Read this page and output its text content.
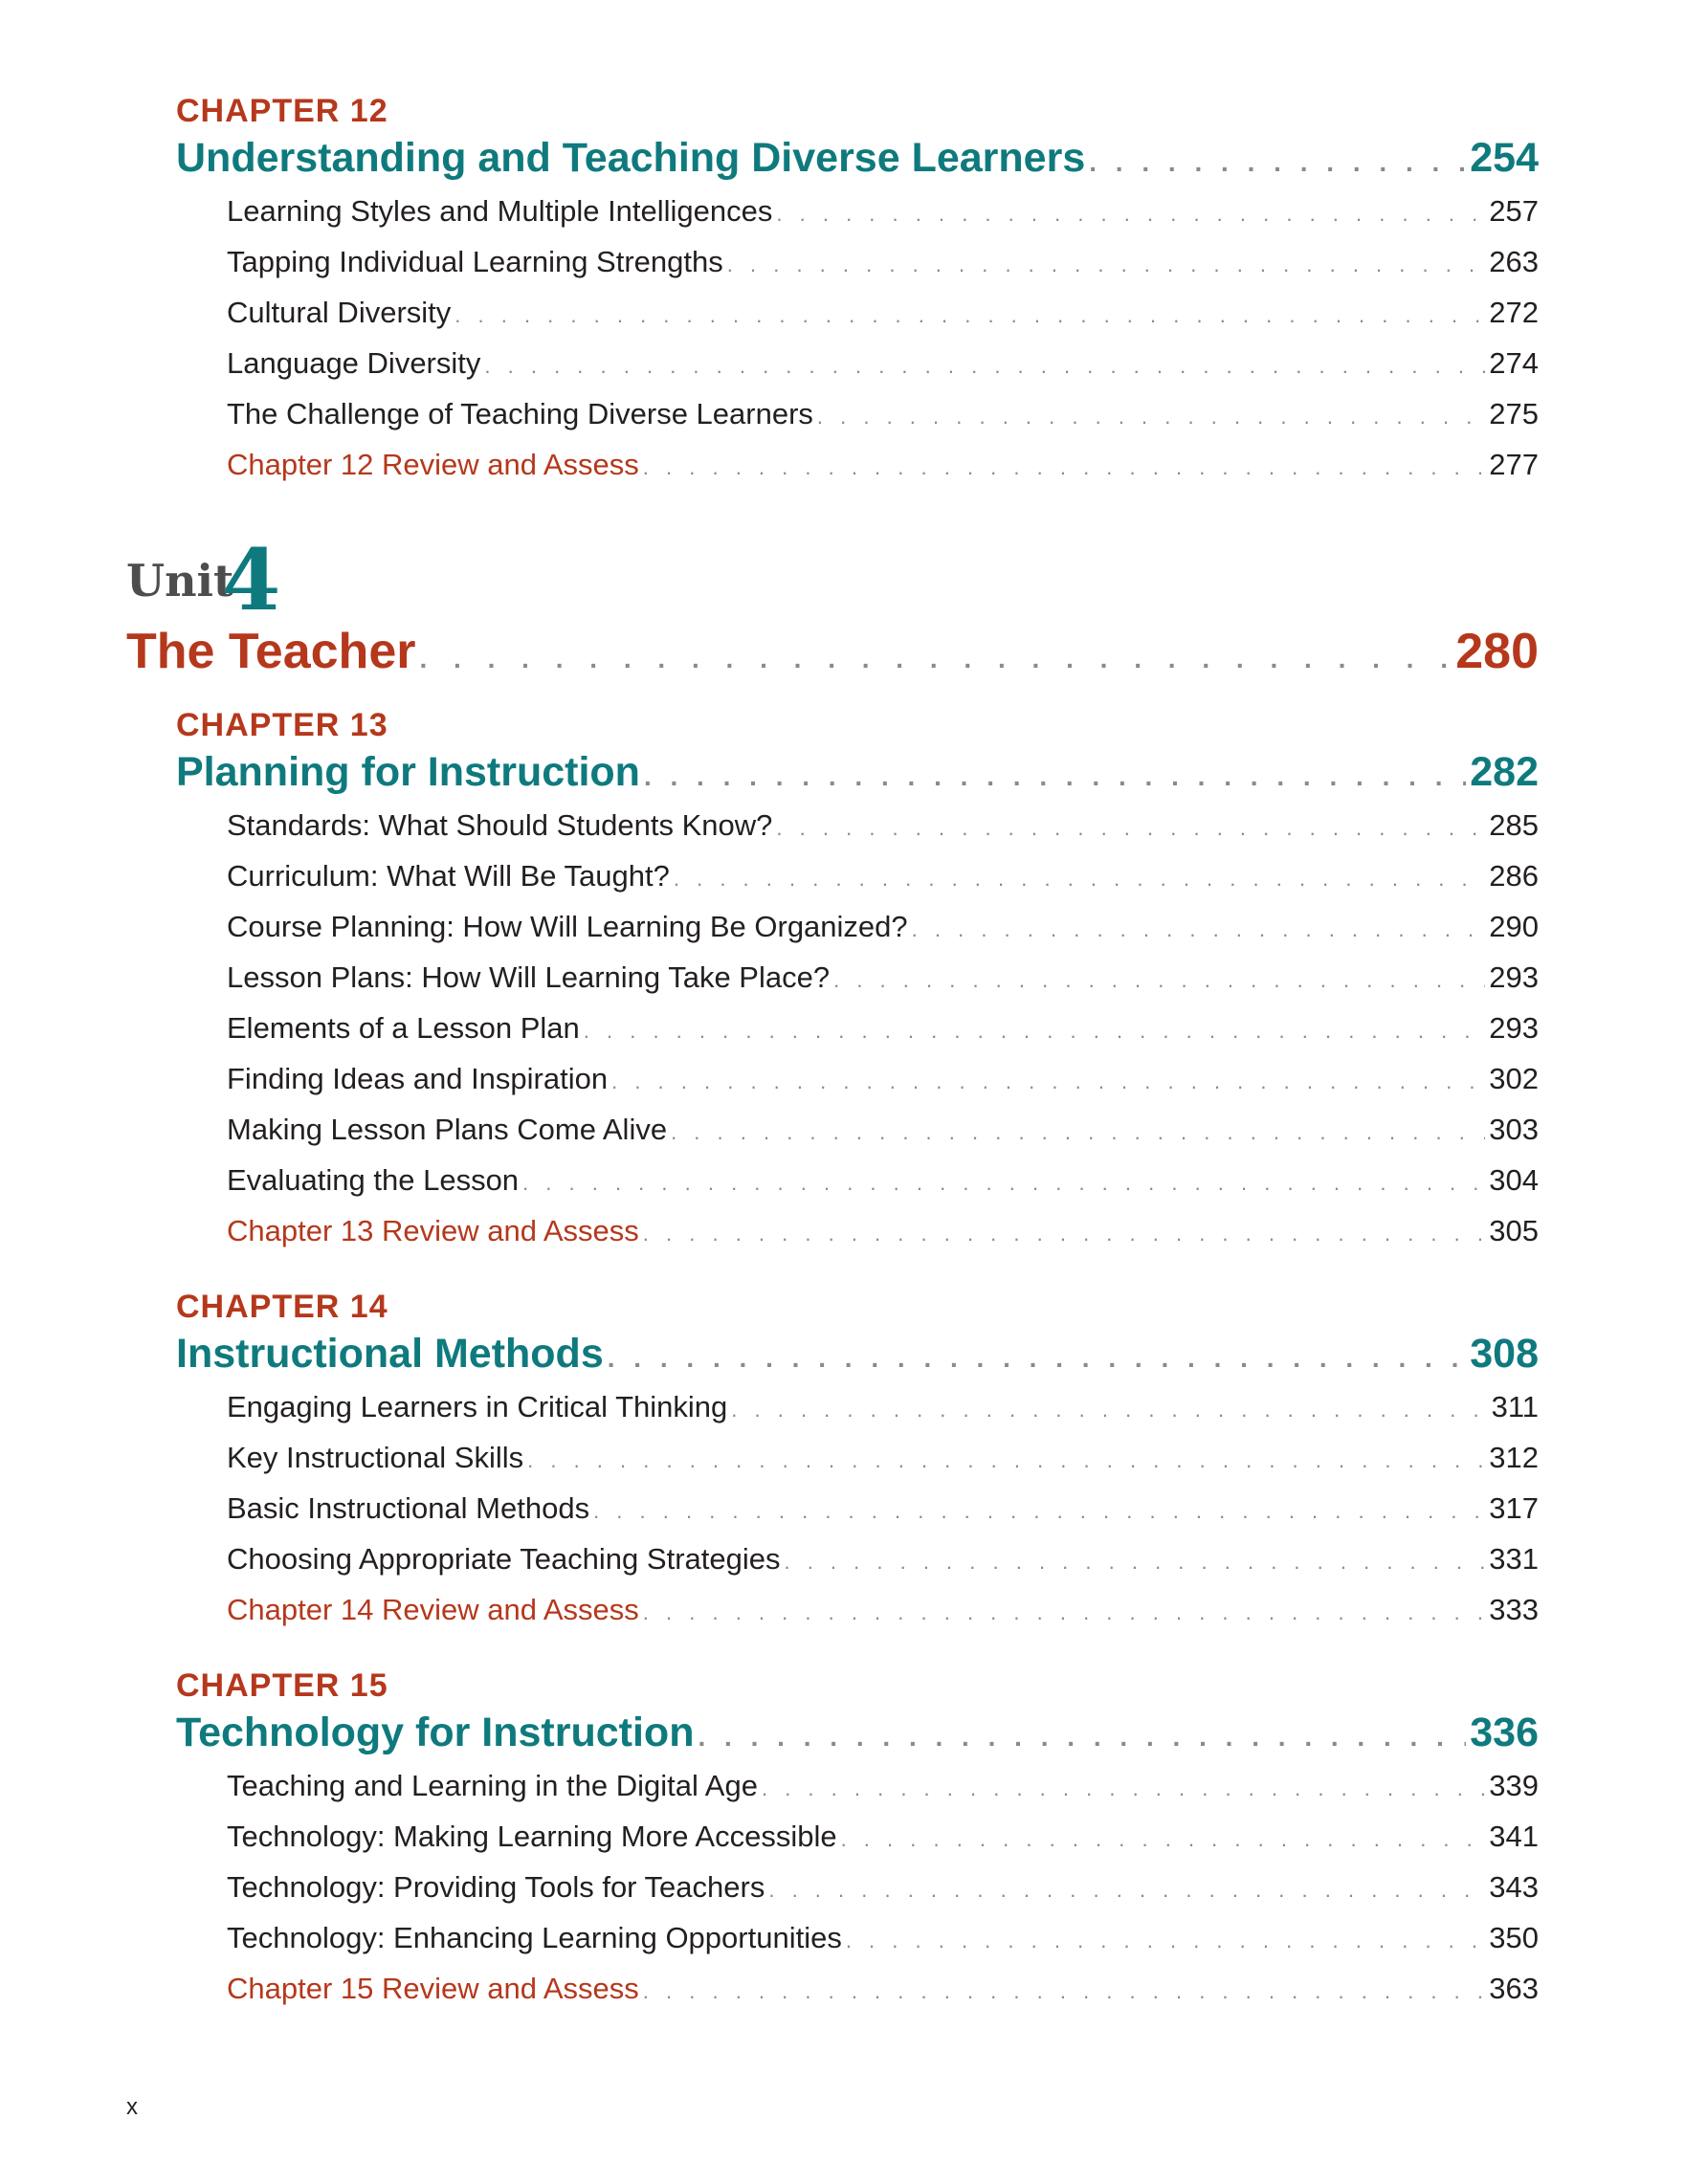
CHAPTER 12
Understanding and Teaching Diverse Learners . . .	254
Learning Styles and Multiple Intelligences . . .	257
Tapping Individual Learning Strengths . . .	263
Cultural Diversity . . .	272
Language Diversity . . .	274
The Challenge of Teaching Diverse Learners . . .	275
Chapter 12 Review and Assess . . .	277
Unit
4
The Teacher . . .	280
CHAPTER 13
Planning for Instruction . . .	282
Standards: What Should Students Know? . . .	285
Curriculum: What Will Be Taught? . . .	286
Course Planning: How Will Learning Be Organized? . . .	290
Lesson Plans: How Will Learning Take Place? . . .	293
Elements of a Lesson Plan . . .	293
Finding Ideas and Inspiration . . .	302
Making Lesson Plans Come Alive . . .	303
Evaluating the Lesson . . .	304
Chapter 13 Review and Assess . . .	305
CHAPTER 14
Instructional Methods . . .	308
Engaging Learners in Critical Thinking . . .	311
Key Instructional Skills . . .	312
Basic Instructional Methods . . .	317
Choosing Appropriate Teaching Strategies . . .	331
Chapter 14 Review and Assess . . .	333
CHAPTER 15
Technology for Instruction . . .	336
Teaching and Learning in the Digital Age . . .	339
Technology: Making Learning More Accessible . . .	341
Technology: Providing Tools for Teachers . . .	343
Technology: Enhancing Learning Opportunities . . .	350
Chapter 15 Review and Assess . . .	363
x
